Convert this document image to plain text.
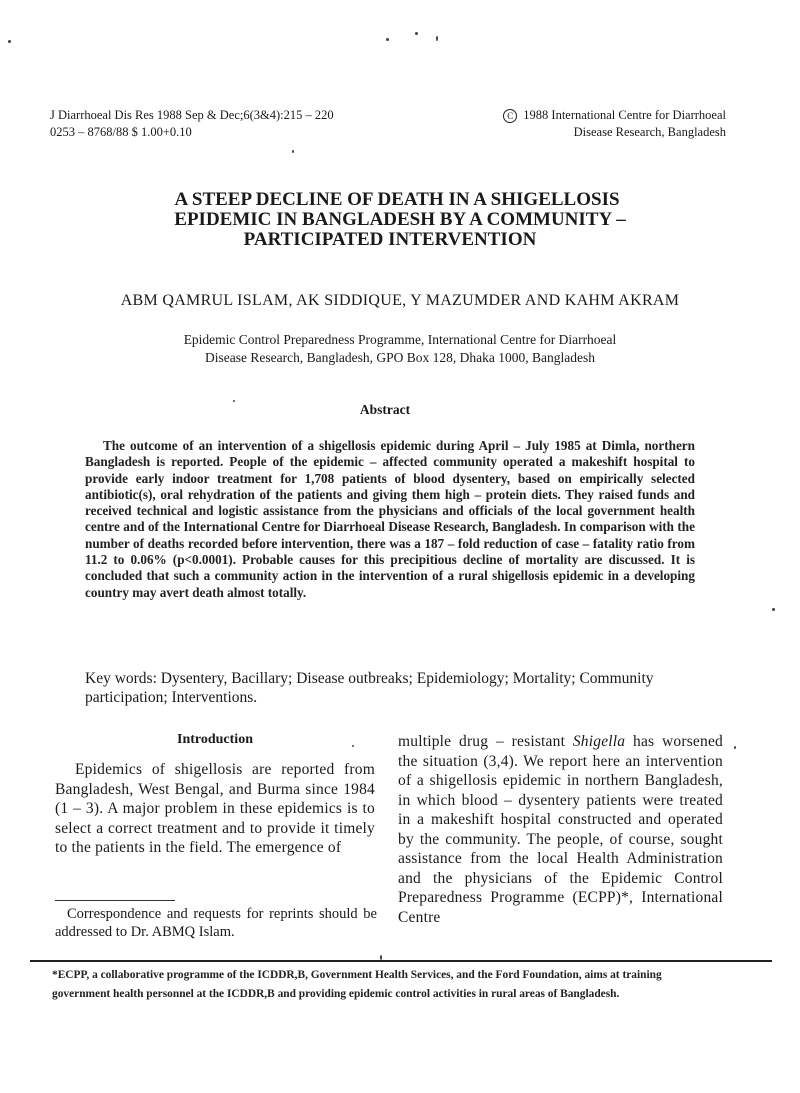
J Diarrhoeal Dis Res 1988 Sep & Dec;6(3&4):215 – 220
0253 – 8768/88 $ 1.00+0.10
C 1988 International Centre for Diarrhoeal
Disease Research, Bangladesh
A STEEP DECLINE OF DEATH IN A SHIGELLOSIS
EPIDEMIC IN BANGLADESH BY A COMMUNITY –
PARTICIPATED INTERVENTION
ABM QAMRUL ISLAM, AK SIDDIQUE, Y MAZUMDER AND KAHM AKRAM
Epidemic Control Preparedness Programme, International Centre for Diarrhoeal
Disease Research, Bangladesh, GPO Box 128, Dhaka 1000, Bangladesh
Abstract
The outcome of an intervention of a shigellosis epidemic during April – July 1985 at Dimla, northern Bangladesh is reported. People of the epidemic – affected community operated a makeshift hospital to provide early indoor treatment for 1,708 patients of blood dysentery, based on empirically selected antibiotic(s), oral rehydration of the patients and giving them high – protein diets. They raised funds and received technical and logistic assistance from the physicians and officials of the local government health centre and of the International Centre for Diarrhoeal Disease Research, Bangladesh. In comparison with the number of deaths recorded before intervention, there was a 187 – fold reduction of case – fatality ratio from 11.2 to 0.06% (p<0.0001). Probable causes for this precipitious decline of mortality are discussed. It is concluded that such a community action in the intervention of a rural shigellosis epidemic in a developing country may avert death almost totally.
Key words: Dysentery, Bacillary; Disease outbreaks; Epidemiology; Mortality; Community participation; Interventions.
Introduction
Epidemics of shigellosis are reported from Bangladesh, West Bengal, and Burma since 1984 (1 – 3). A major problem in these epidemics is to select a correct treatment and to provide it timely to the patients in the field. The emergence of
Correspondence and requests for reprints should be addressed to Dr. ABMQ Islam.
multiple drug – resistant Shigella has worsened the situation (3,4). We report here an intervention of a shigellosis epidemic in northern Bangladesh, in which blood – dysentery patients were treated in a makeshift hospital constructed and operated by the community. The people, of course, sought assistance from the local Health Administration and the physicians of the Epidemic Control Preparedness Programme (ECPP)*, International Centre
*ECPP, a collaborative programme of the ICDDR,B, Government Health Services, and the Ford Foundation, aims at training government health personnel at the ICDDR,B and providing epidemic control activities in rural areas of Bangladesh.
